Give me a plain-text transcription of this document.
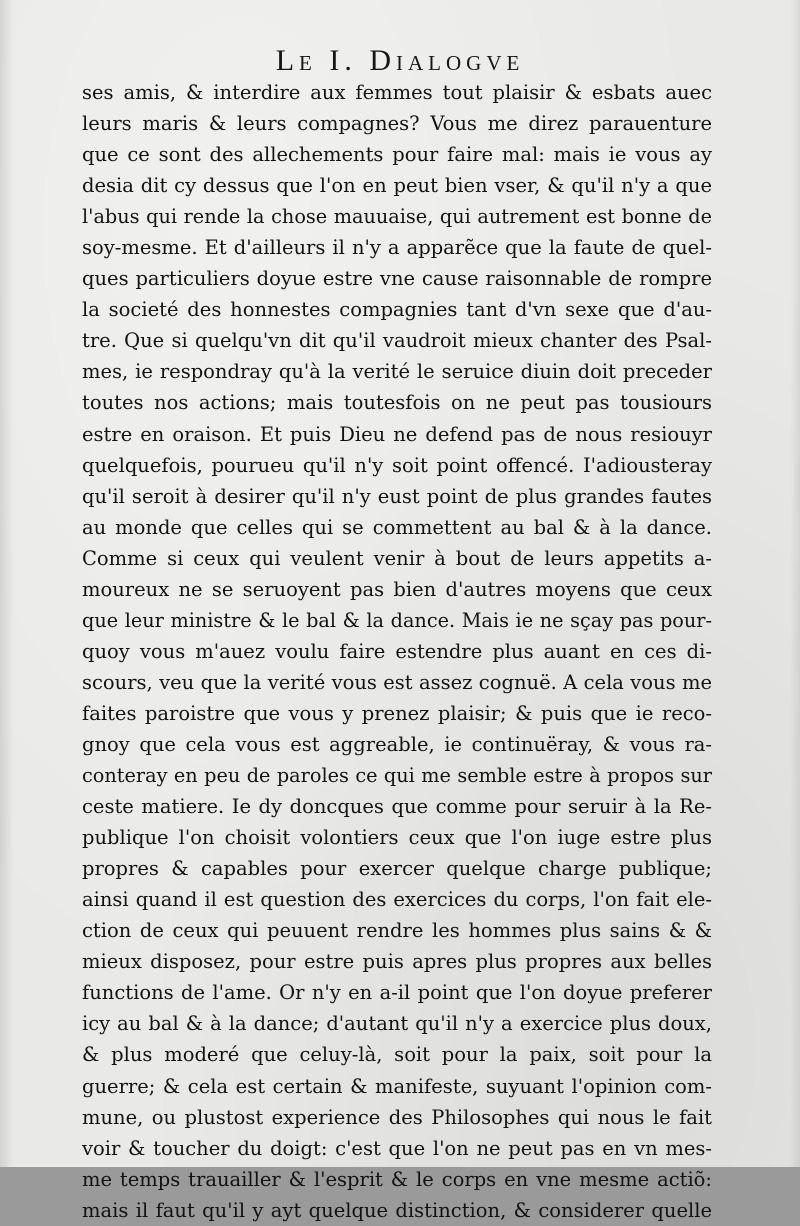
Le I. Dialogve
ses amis, & interdire aux femmes tout plaisir & esbats auec
leurs maris & leurs compagnes? Vous me direz parauenture
que ce sont des allechements pour faire mal: mais ie vous ay
desia dit cy dessus que l'on en peut bien vser, & qu'il n'y a que
l'abus qui rende la chose mauuaise, qui autrement est bonne de
soy-mesme. Et d'ailleurs il n'y a apparẽce que la faute de quel-
ques particuliers doyue estre vne cause raisonnable de rompre
la societé des honnestes compagnies tant d'vn sexe que d'au-
tre. Que si quelqu'vn dit qu'il vaudroit mieux chanter des Psal-
mes, ie respondray qu'à la verité le seruice diuin doit preceder
toutes nos actions; mais toutesfois on ne peut pas tousiours
estre en oraison. Et puis Dieu ne defend pas de nous resiouyr
quelquefois, pourueu qu'il n'y soit point offencé. I'adiousteray
qu'il seroit à desirer qu'il n'y eust point de plus grandes fautes
au monde que celles qui se commettent au bal & à la dance.
Comme si ceux qui veulent venir à bout de leurs appetits a-
moureux ne se seruoyent pas bien d'autres moyens que ceux
que leur ministre & le bal & la dance. Mais ie ne sçay pas pour-
quoy vous m'auez voulu faire estendre plus auant en ces di-
scours, veu que la verité vous est assez cognuë. A cela vous me
faites paroistre que vous y prenez plaisir; & puis que ie reco-
gnoy que cela vous est aggreable, ie continuëray, & vous ra-
conteray en peu de paroles ce qui me semble estre à propos sur
ceste matiere. Ie dy doncques que comme pour seruir à la Re-
publique l'on choisit volontiers ceux que l'on iuge estre plus
propres & capables pour exercer quelque charge publique;
ainsi quand il est question des exercices du corps, l'on fait ele-
ction de ceux qui peuuent rendre les hommes plus sains & &
mieux disposez, pour estre puis apres plus propres aux belles
functions de l'ame. Or n'y en a-il point que l'on doyue preferer
icy au bal & à la dance; d'autant qu'il n'y a exercice plus doux,
& plus moderé que celuy-là, soit pour la paix, soit pour la
guerre; & cela est certain & manifeste, suyuant l'opinion com-
mune, ou plustost experience des Philosophes qui nous le fait
voir & toucher du doigt: c'est que l'on ne peut pas en vn mes-
me temps trauailler & l'esprit & le corps en vne mesme actiõ:
mais il faut qu'il y ayt quelque distinction, & considerer quelle
